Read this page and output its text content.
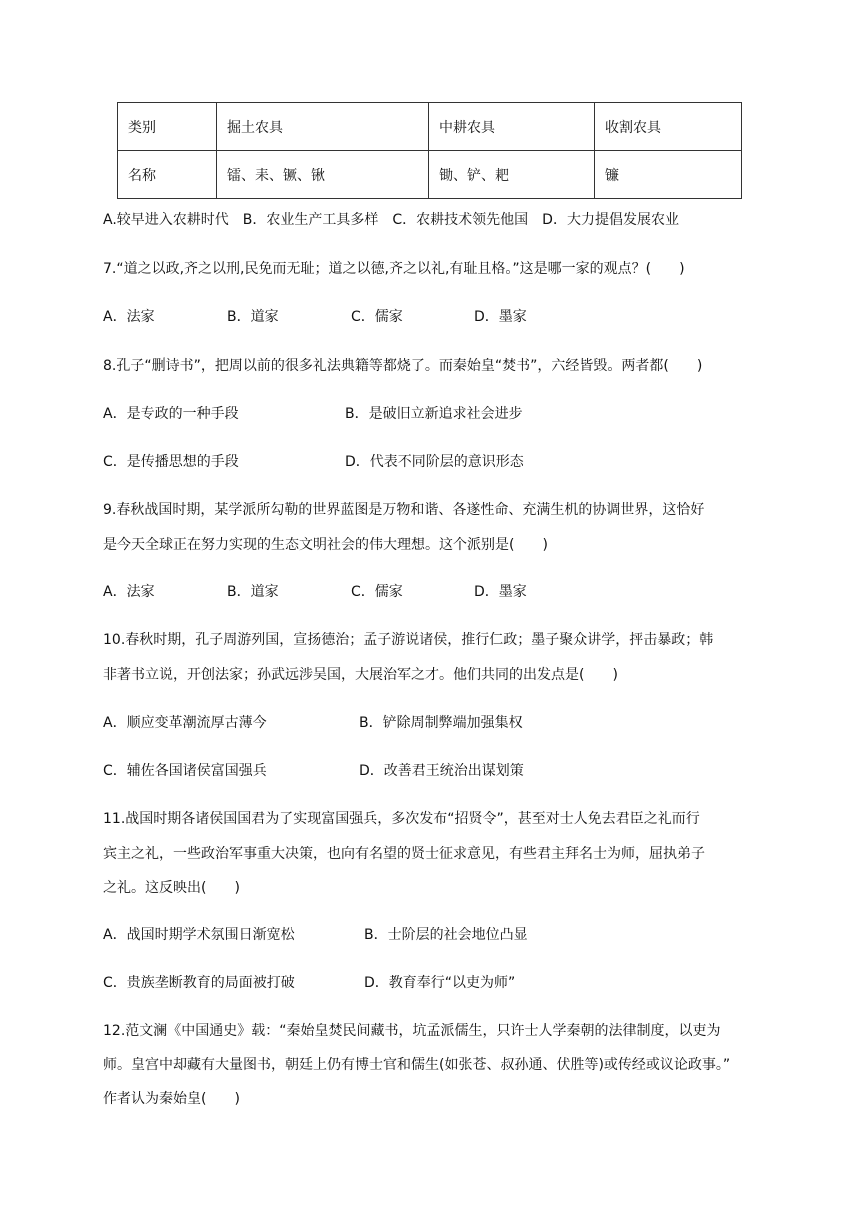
类别	掘土农具	中耕农具	收割农具
名称	镭、耒、镢、锹	锄、铲、耙	镰
A.较早进入农耕时代　B．农业生产工具多样　C．农耕技术领先他国　D．大力提倡发展农业
7.“道之以政,齐之以刑,民免而无耻；道之以德,齐之以礼,有耻且格。”这是哪一家的观点？(　　)
A．法家	B．道家	C．儒家	D．墨家
8.孔子“删诗书”，把周以前的很多礼法典籍等都烧了。而秦始皇“焚书”，六经皆毁。两者都(　　)
A．是专政的一种手段	B．是破旧立新追求社会进步
C．是传播思想的手段	D．代表不同阶层的意识形态
9.春秋战国时期，某学派所勾勒的世界蓝图是万物和谐、各遂性命、充满生机的协调世界，这恰好
是今天全球正在努力实现的生态文明社会的伟大理想。这个派别是(　　)
A．法家	B．道家	C．儒家	D．墨家
10.春秋时期，孔子周游列国，宣扬德治；孟子游说诸侯，推行仁政；墨子聚众讲学，抨击暴政；韩
非著书立说，开创法家；孙武远涉吴国，大展治军之才。他们共同的出发点是(　　)
A．顺应变革潮流厚古薄今	B．铲除周制弊端加强集权
C．辅佐各国诸侯富国强兵	D．改善君王统治出谋划策
11.战国时期各诸侯国国君为了实现富国强兵，多次发布“招贤令”，甚至对士人免去君臣之礼而行
宾主之礼，一些政治军事重大决策，也向有名望的贤士征求意见，有些君主拜名士为师，屈执弟子
之礼。这反映出(　　)
A．战国时期学术氛围日渐宽松	B．士阶层的社会地位凸显
C．贵族垄断教育的局面被打破	D．教育奉行“以吏为师”
12.范文澜《中国通史》载：“秦始皇焚民间藏书，坑孟派儒生，只许士人学秦朝的法律制度，以吏为
师。皇宫中却藏有大量图书，朝廷上仍有博士官和儒生(如张苍、叔孙通、伏胜等)或传经或议论政事。”
作者认为秦始皇(　　)
